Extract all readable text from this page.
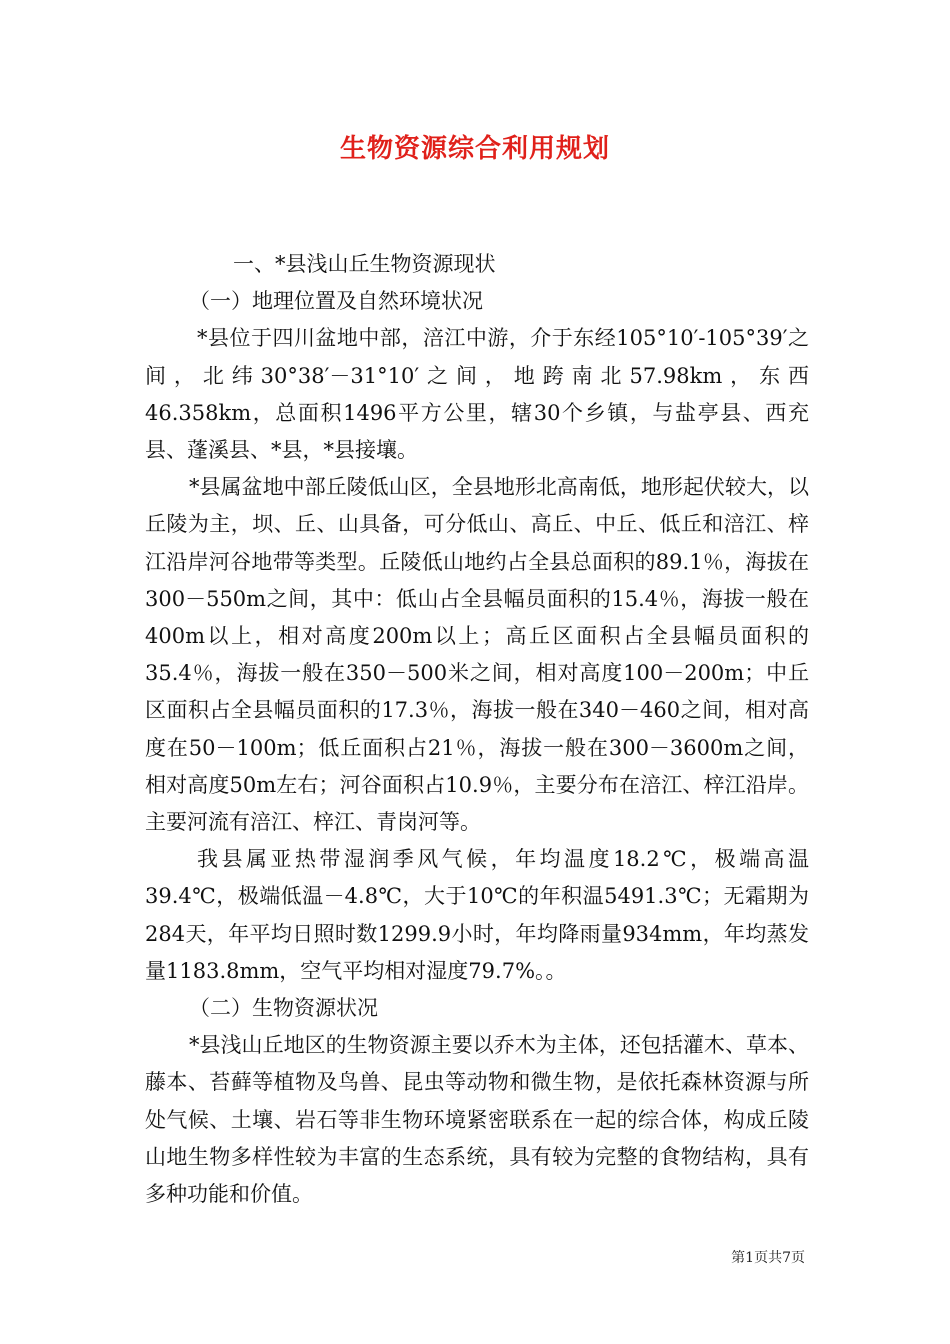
生物资源综合利用规划

一、*县浅山丘生物资源现状

（一）地理位置及自然环境状况

*县位于四川盆地中部，涪江中游，介于东经105°10′-105°39′之间，北纬30°38′－31°10′之间，地跨南北57.98km，东西46.358km，总面积1496平方公里，辖30个乡镇，与盐亭县、西充县、蓬溪县、*县，*县接壤。

*县属盆地中部丘陵低山区，全县地形北高南低，地形起伏较大，以丘陵为主，坝、丘、山具备，可分低山、高丘、中丘、低丘和涪江、梓江沿岸河谷地带等类型。丘陵低山地约占全县总面积的89.1％，海拔在300－550m之间，其中：低山占全县幅员面积的15.4％，海拔一般在400m以上，相对高度200m以上；高丘区面积占全县幅员面积的35.4％，海拔一般在350－500米之间，相对高度100－200m；中丘区面积占全县幅员面积的17.3％，海拔一般在340－460之间，相对高度在50－100m；低丘面积占21％，海拔一般在300－3600m之间，相对高度50m左右；河谷面积占10.9％，主要分布在涪江、梓江沿岸。主要河流有涪江、梓江、青岗河等。

我县属亚热带湿润季风气候，年均温度18.2℃，极端高温39.4℃，极端低温－4.8℃，大于10℃的年积温5491.3℃；无霜期为284天，年平均日照时数1299.9小时，年均降雨量934mm，年均蒸发量1183.8mm，空气平均相对湿度79.7%。。

（二）生物资源状况

*县浅山丘地区的生物资源主要以乔木为主体，还包括灌木、草本、藤本、苔藓等植物及鸟兽、昆虫等动物和微生物，是依托森林资源与所处气候、土壤、岩石等非生物环境紧密联系在一起的综合体，构成丘陵山地生物多样性较为丰富的生态系统，具有较为完整的食物结构，具有多种功能和价值。

第1页共7页
